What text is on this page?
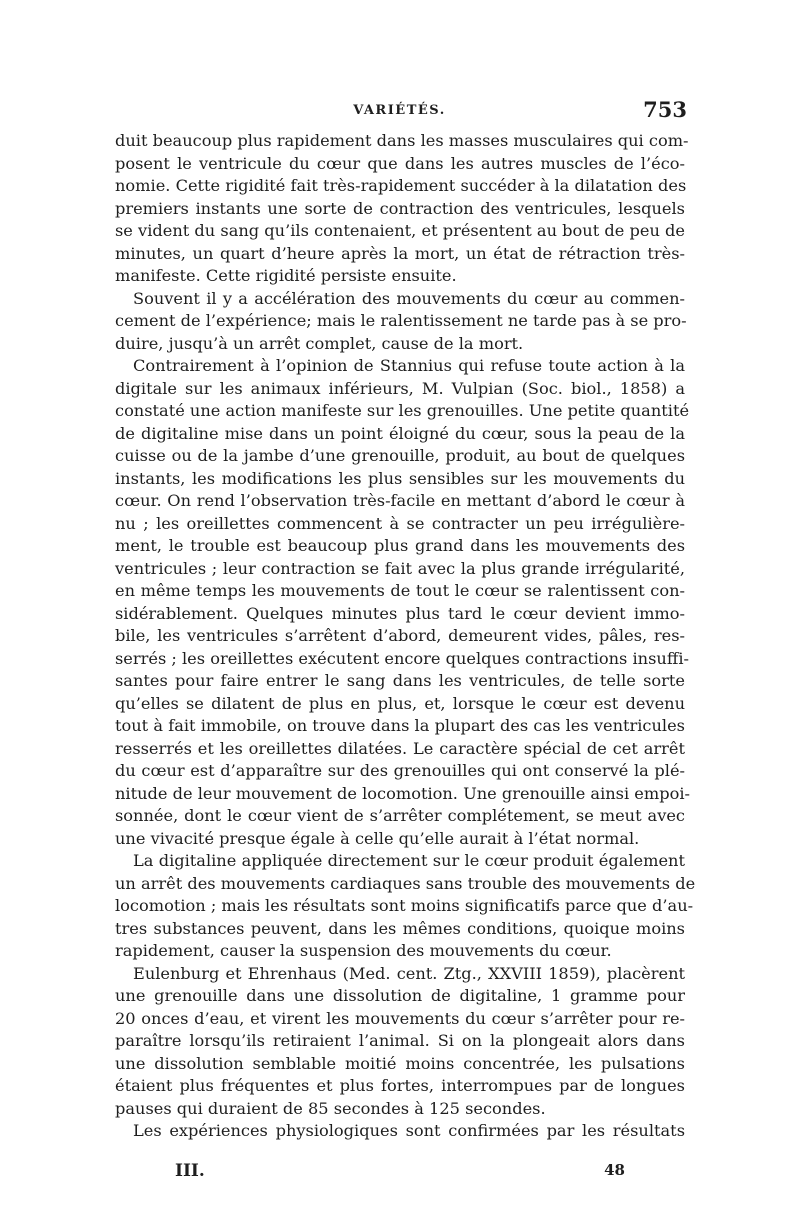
VARIÉTÉS.	753
duit beaucoup plus rapidement dans les masses musculaires qui com-
posent le ventricule du cœur que dans les autres muscles de l’éco-
nomie. Cette rigidité fait très-rapidement succéder à la dilatation des
premiers instants une sorte de contraction des ventricules, lesquels
se vident du sang qu’ils contenaient, et présentent au bout de peu de
minutes, un quart d’heure après la mort, un état de rétraction très-
manifeste. Cette rigidité persiste ensuite.
Souvent il y a accélération des mouvements du cœur au commen-
cement de l’expérience; mais le ralentissement ne tarde pas à se pro-
duire, jusqu’à un arrêt complet, cause de la mort.
Contrairement à l’opinion de Stannius qui refuse toute action à la
digitale sur les animaux inférieurs, M. Vulpian (Soc. biol., 1858) a
constaté une action manifeste sur les grenouilles. Une petite quantité
de digitaline mise dans un point éloigné du cœur, sous la peau de la
cuisse ou de la jambe d’une grenouille, produit, au bout de quelques
instants, les modifications les plus sensibles sur les mouvements du
cœur. On rend l’observation très-facile en mettant d’abord le cœur à
nu ; les oreillettes commencent à se contracter un peu irrégulière-
ment, le trouble est beaucoup plus grand dans les mouvements des
ventricules ; leur contraction se fait avec la plus grande irrégularité,
en même temps les mouvements de tout le cœur se ralentissent con-
sidérablement. Quelques minutes plus tard le cœur devient immo-
bile, les ventricules s’arrêtent d’abord, demeurent vides, pâles, res-
serrés ; les oreillettes exécutent encore quelques contractions insuffi-
santes pour faire entrer le sang dans les ventricules, de telle sorte
qu’elles se dilatent de plus en plus, et, lorsque le cœur est devenu
tout à fait immobile, on trouve dans la plupart des cas les ventricules
resserrés et les oreillettes dilatées. Le caractère spécial de cet arrêt
du cœur est d’apparaître sur des grenouilles qui ont conservé la plé-
nitude de leur mouvement de locomotion. Une grenouille ainsi empoi-
sonnée, dont le cœur vient de s’arrêter complétement, se meut avec
une vivacité presque égale à celle qu’elle aurait à l’état normal.
La digitaline appliquée directement sur le cœur produit également
un arrêt des mouvements cardiaques sans trouble des mouvements de
locomotion ; mais les résultats sont moins significatifs parce que d’au-
tres substances peuvent, dans les mêmes conditions, quoique moins
rapidement, causer la suspension des mouvements du cœur.
Eulenburg et Ehrenhaus (Med. cent. Ztg., XXVIII 1859), placèrent
une grenouille dans une dissolution de digitaline, 1 gramme pour
20 onces d’eau, et virent les mouvements du cœur s’arrêter pour re-
paraître lorsqu’ils retiraient l’animal. Si on la plongeait alors dans
une dissolution semblable moitié moins concentrée, les pulsations
étaient plus fréquentes et plus fortes, interrompues par de longues
pauses qui duraient de 85 secondes à 125 secondes.
Les expériences physiologiques sont confirmées par les résultats
III.	48
